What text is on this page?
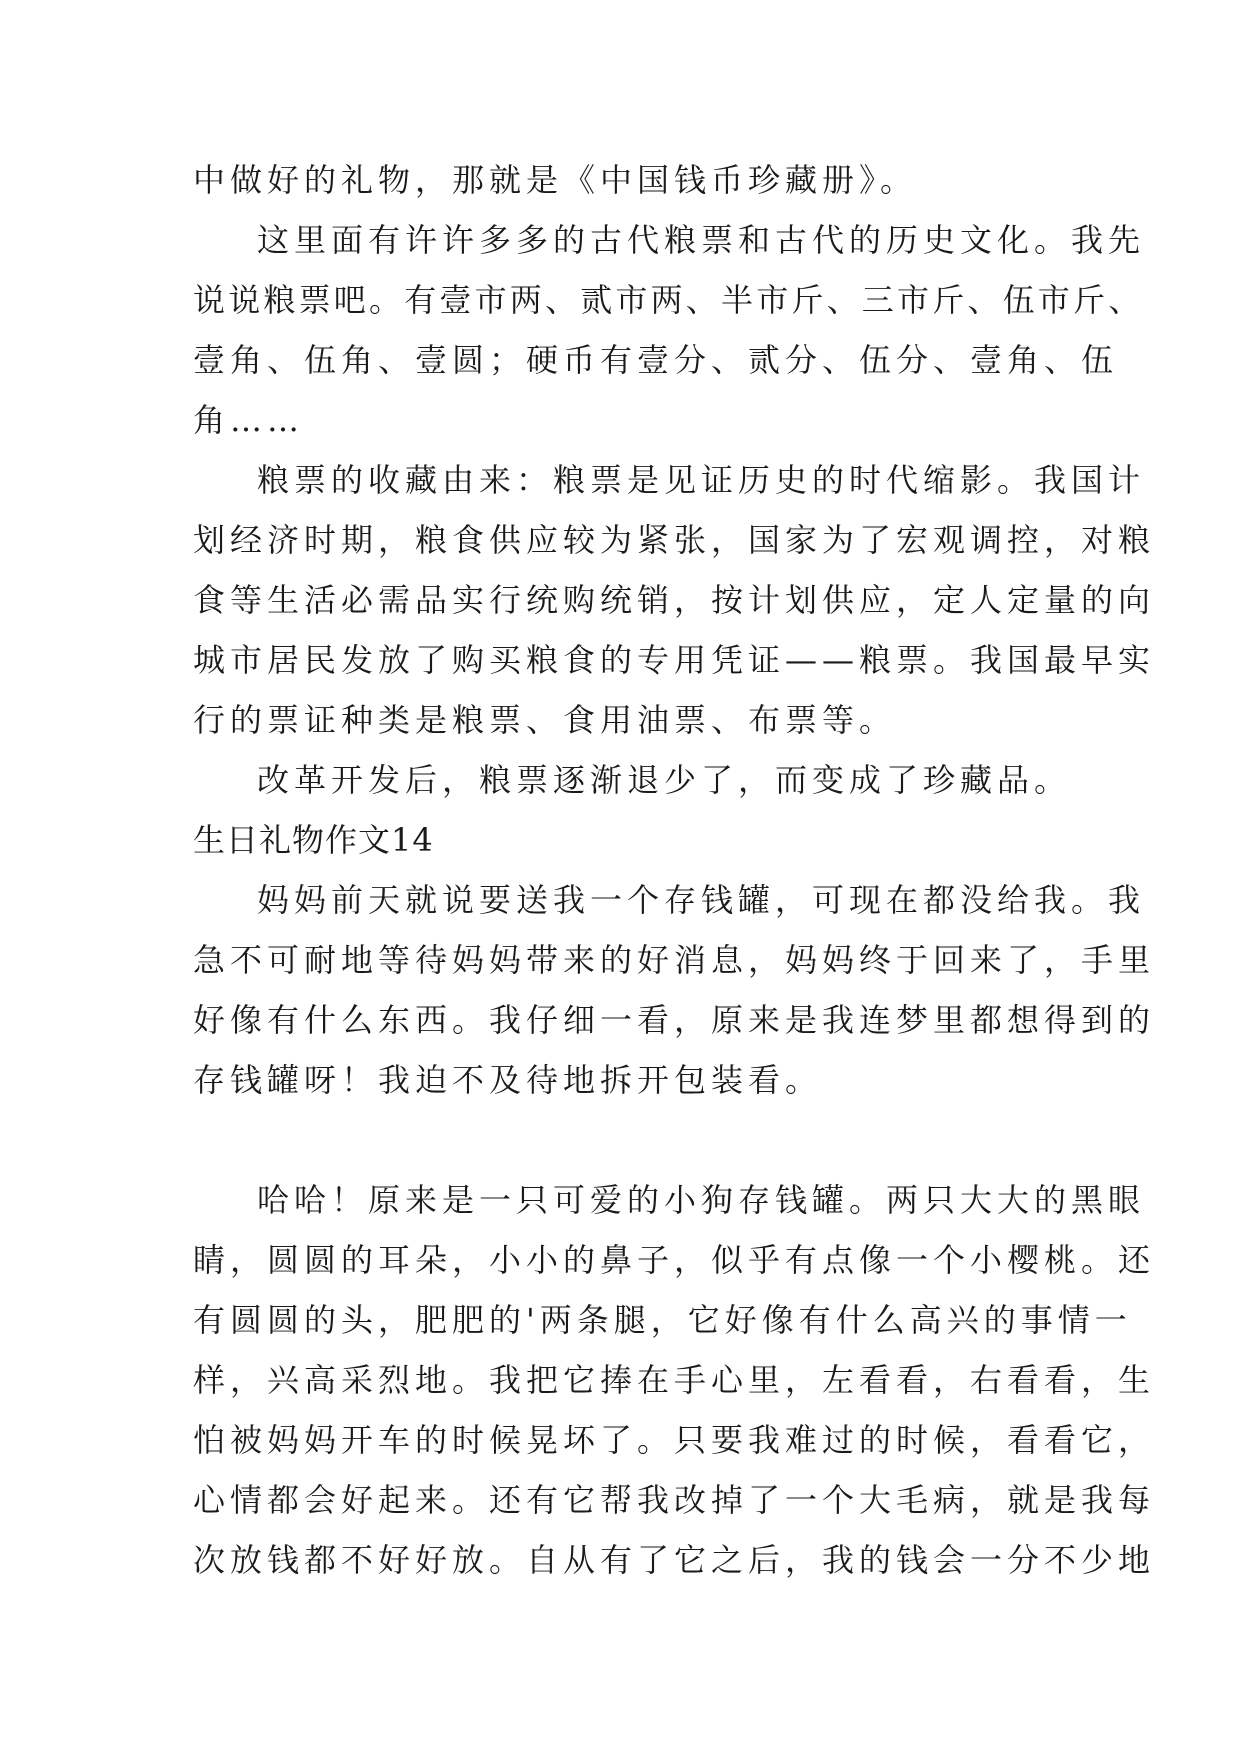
中做好的礼物，那就是《中国钱币珍藏册》。
这里面有许许多多的古代粮票和古代的历史文化。我先
说说粮票吧。有壹市两、贰市两、半市斤、三市斤、伍市斤、
壹角、伍角、壹圆；硬币有壹分、贰分、伍分、壹角、伍
角……
粮票的收藏由来：粮票是见证历史的时代缩影。我国计
划经济时期，粮食供应较为紧张，国家为了宏观调控，对粮
食等生活必需品实行统购统销，按计划供应，定人定量的向
城市居民发放了购买粮食的专用凭证——粮票。我国最早实
行的票证种类是粮票、食用油票、布票等。
改革开发后，粮票逐渐退少了，而变成了珍藏品。
生日礼物作文14
妈妈前天就说要送我一个存钱罐，可现在都没给我。我
急不可耐地等待妈妈带来的好消息，妈妈终于回来了，手里
好像有什么东西。我仔细一看，原来是我连梦里都想得到的
存钱罐呀！我迫不及待地拆开包装看。
哈哈！原来是一只可爱的小狗存钱罐。两只大大的黑眼
睛，圆圆的耳朵，小小的鼻子，似乎有点像一个小樱桃。还
有圆圆的头，肥肥的'两条腿，它好像有什么高兴的事情一
样，兴高采烈地。我把它捧在手心里，左看看，右看看，生
怕被妈妈开车的时候晃坏了。只要我难过的时候，看看它，
心情都会好起来。还有它帮我改掉了一个大毛病，就是我每
次放钱都不好好放。自从有了它之后，我的钱会一分不少地
